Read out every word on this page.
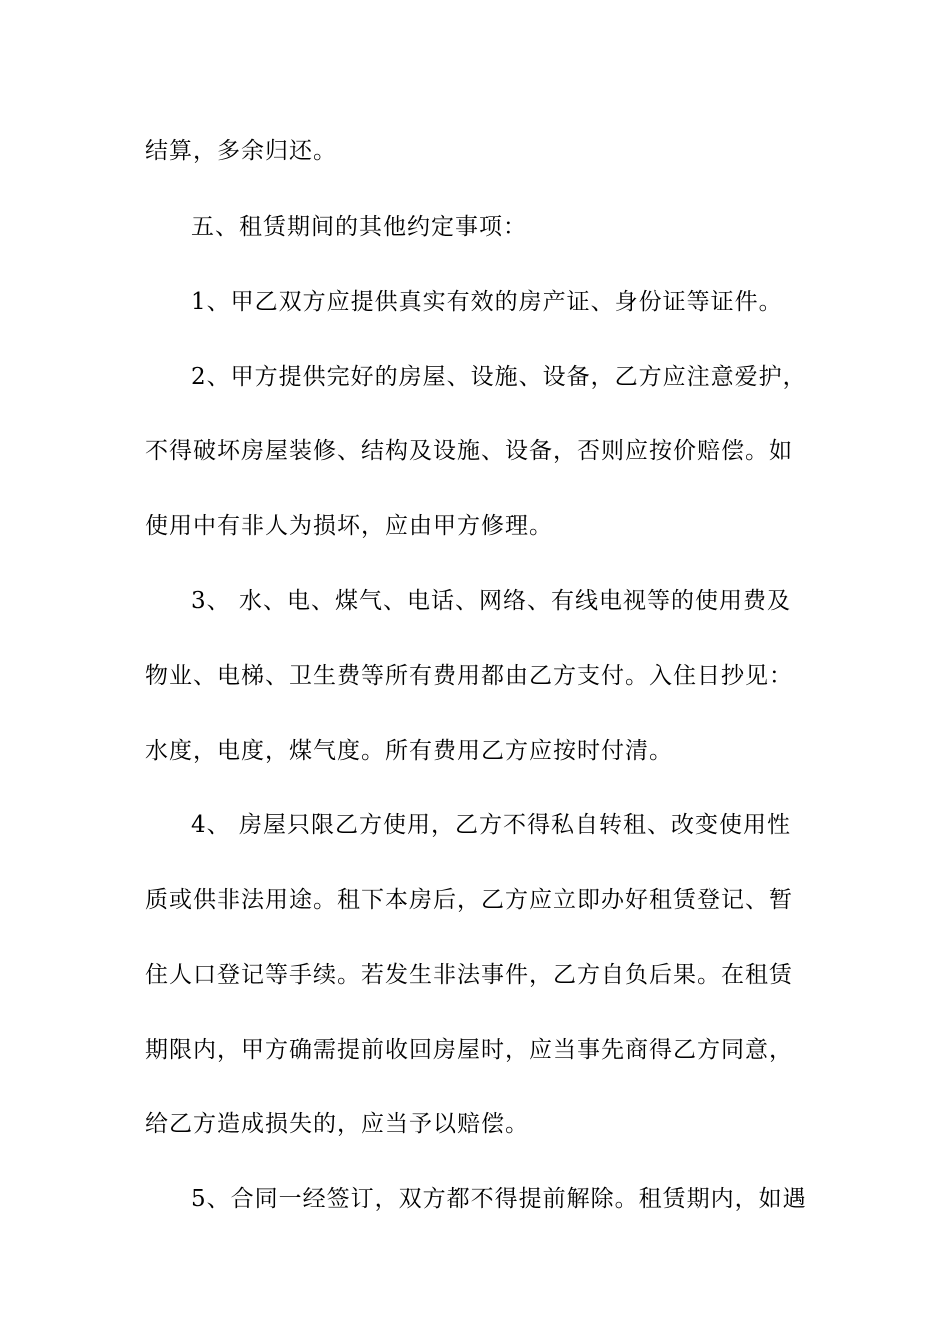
结算，多余归还。
五、租赁期间的其他约定事项：
1、甲乙双方应提供真实有效的房产证、身份证等证件。
2、甲方提供完好的房屋、设施、设备，乙方应注意爱护，
不得破坏房屋装修、结构及设施、设备，否则应按价赔偿。如
使用中有非人为损坏，应由甲方修理。
3、 水、电、煤气、电话、网络、有线电视等的使用费及
物业、电梯、卫生费等所有费用都由乙方支付。入住日抄见：
水度，电度，煤气度。所有费用乙方应按时付清。
4、 房屋只限乙方使用，乙方不得私自转租、改变使用性
质或供非法用途。租下本房后，乙方应立即办好租赁登记、暂
住人口登记等手续。若发生非法事件，乙方自负后果。在租赁
期限内，甲方确需提前收回房屋时，应当事先商得乙方同意，
给乙方造成损失的，应当予以赔偿。
5、合同一经签订，双方都不得提前解除。租赁期内，如遇
